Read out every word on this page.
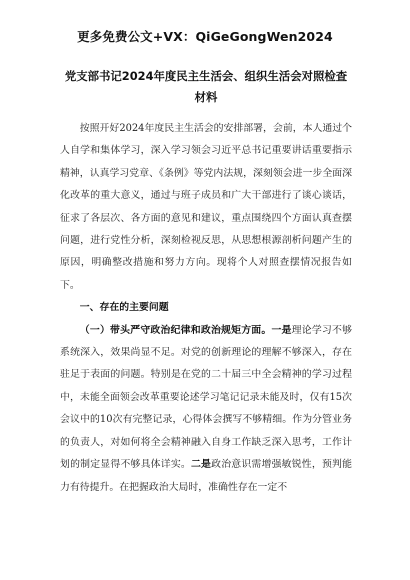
更多免费公文+VX：QiGeGongWen2024
党支部书记2024年度民主生活会、组织生活会对照检查材料

按照开好2024年度民主生活会的安排部署，会前，本人通过个人自学和集体学习，深入学习领会习近平总书记重要讲话重要指示精神，认真学习党章、《条例》等党内法规，深刻领会进一步全面深化改革的重大意义，通过与班子成员和广大干部进行了谈心谈话，征求了各层次、各方面的意见和建议，重点围绕四个方面认真查摆问题，进行党性分析，深刻检视反思，从思想根源剖析问题产生的原因，明确整改措施和努力方向。现将个人对照查摆情况报告如下。

一、存在的主要问题

（一）带头严守政治纪律和政治规矩方面。一是理论学习不够系统深入，效果尚显不足。对党的创新理论的理解不够深入，存在驻足于表面的问题。特别是在党的二十届三中全会精神的学习过程中，未能全面领会改革重要论述学习笔记记录未能及时，仅有15次会议中的10次有完整记录，心得体会撰写不够精细。作为分管业务的负责人，对如何将全会精神融入自身工作缺乏深入思考，工作计划的制定显得不够具体详实。二是政治意识需增强敏锐性，预判能力有待提升。在把握政治大局时，准确性存在一定不
